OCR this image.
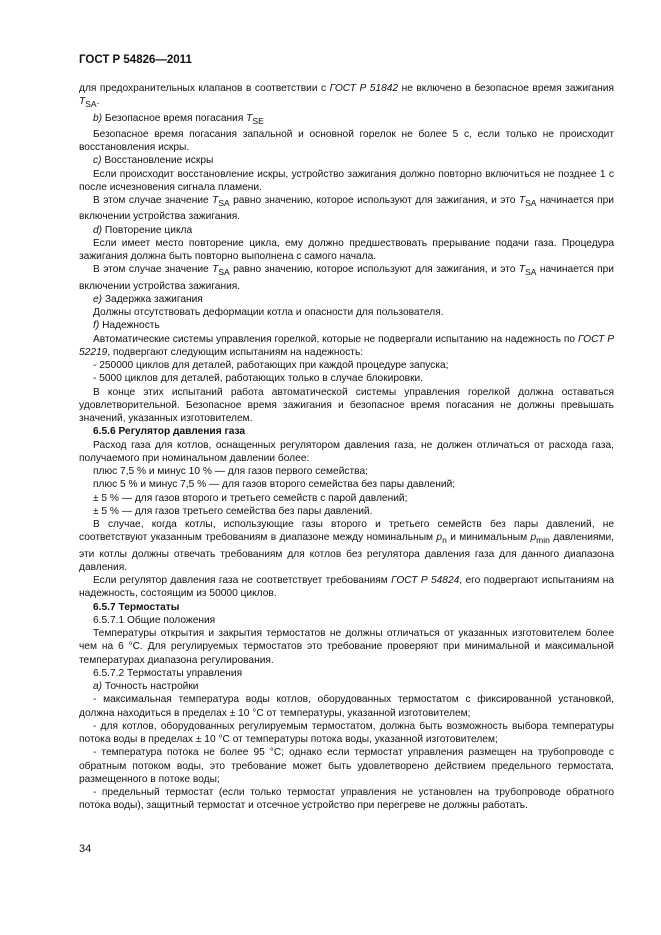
ГОСТ Р 54826—2011

для предохранительных клапанов в соответствии с ГОСТ Р 51842 не включено в безопасное время зажигания $T_{SA}$.

b) Безопасное время погасания $T_{SE}$

Безопасное время погасания запальной и основной горелок не более 5 с, если только не происходит восстановления искры.

c) Восстановление искры

Если происходит восстановление искры, устройство зажигания должно повторно включиться не позднее 1 с после исчезновения сигнала пламени.

В этом случае значение $T_{SA}$ равно значению, которое используют для зажигания, и это $T_{SA}$ начинается при включении устройства зажигания.

d) Повторение цикла

Если имеет место повторение цикла, ему должно предшествовать прерывание подачи газа. Процедура зажигания должна быть повторно выполнена с самого начала.

В этом случае значение $T_{SA}$ равно значению, которое используют для зажигания, и это $T_{SA}$ начинается при включении устройства зажигания.

e) Задержка зажигания

Должны отсутствовать деформации котла и опасности для пользователя.

f) Надежность

Автоматические системы управления горелкой, которые не подвергали испытанию на надежность по ГОСТ Р 52219, подвергают следующим испытаниям на надежность:

- 250000 циклов для деталей, работающих при каждой процедуре запуска;

- 5000 циклов для деталей, работающих только в случае блокировки.

В конце этих испытаний работа автоматической системы управления горелкой должна оставаться удовлетворительной. Безопасное время зажигания и безопасное время погасания не должны превышать значений, указанных изготовителем.

6.5.6 Регулятор давления газа

Расход газа для котлов, оснащенных регулятором давления газа, не должен отличаться от расхода газа, получаемого при номинальном давлении более:

плюс 7,5 % и минус 10 % — для газов первого семейства;

плюс 5 % и минус 7,5 % — для газов второго семейства без пары давлений;

± 5 % — для газов второго и третьего семейств с парой давлений;

± 5 % — для газов третьего семейства без пары давлений.

В случае, когда котлы, использующие газы второго и третьего семейств без пары давлений, не соответствуют указанным требованиям в диапазоне между номинальным $p_n$ и минимальным $p_{min}$ давлениями, эти котлы должны отвечать требованиям для котлов без регулятора давления газа для данного диапазона давления.

Если регулятор давления газа не соответствует требованиям ГОСТ Р 54824, его подвергают испытаниям на надежность, состоящим из 50000 циклов.

6.5.7 Термостаты

6.5.7.1 Общие положения

Температуры открытия и закрытия термостатов не должны отличаться от указанных изготовителем более чем на 6 °С. Для регулируемых термостатов это требование проверяют при минимальной и максимальной температурах диапазона регулирования.

6.5.7.2 Термостаты управления

a) Точность настройки

- максимальная температура воды котлов, оборудованных термостатом с фиксированной установкой, должна находиться в пределах ± 10 °С от температуры, указанной изготовителем;

- для котлов, оборудованных регулируемым термостатом, должна быть возможность выбора температуры потока воды в пределах ± 10 °С от температуры потока воды, указанной изготовителем;

- температура потока не более 95 °С; однако если термостат управления размещен на трубопроводе с обратным потоком воды, это требование может быть удовлетворено действием предельного термостата, размещенного в потоке воды;

- предельный термостат (если только термостат управления не установлен на трубопроводе обратного потока воды), защитный термостат и отсечное устройство при перегреве не должны работать.

34
